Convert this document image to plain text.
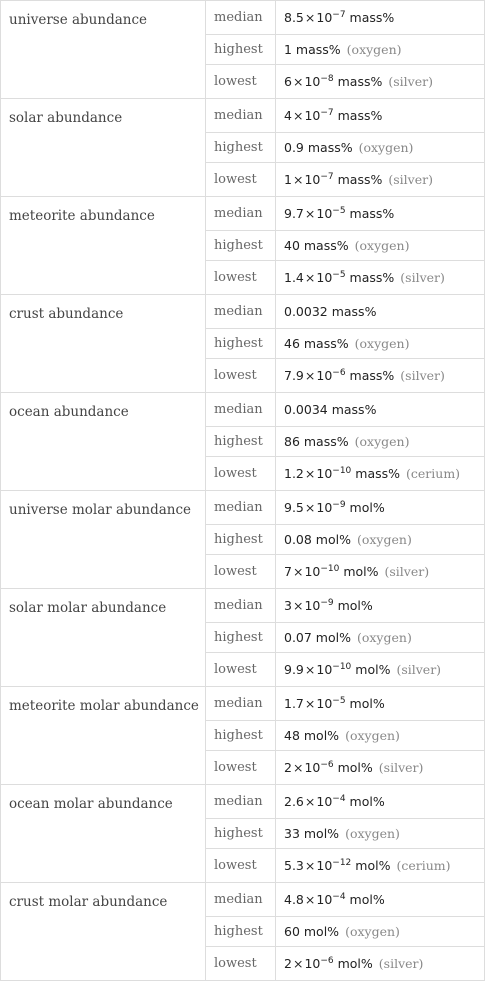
universe abundance	median	$8.5\times 10^{-7}$ mass%
	highest	1 mass% (oxygen)
	lowest	$6\times 10^{-8}$ mass% (silver)
solar abundance	median	$4\times 10^{-7}$ mass%
	highest	0.9 mass% (oxygen)
	lowest	$1\times 10^{-7}$ mass% (silver)
meteorite abundance	median	$9.7\times 10^{-5}$ mass%
	highest	40 mass% (oxygen)
	lowest	$1.4\times 10^{-5}$ mass% (silver)
crust abundance	median	0.0032 mass%
	highest	46 mass% (oxygen)
	lowest	$7.9\times 10^{-6}$ mass% (silver)
ocean abundance	median	0.0034 mass%
	highest	86 mass% (oxygen)
	lowest	$1.2\times 10^{-10}$ mass% (cerium)
universe molar abundance	median	$9.5\times 10^{-9}$ mol%
	highest	0.08 mol% (oxygen)
	lowest	$7\times 10^{-10}$ mol% (silver)
solar molar abundance	median	$3\times 10^{-9}$ mol%
	highest	0.07 mol% (oxygen)
	lowest	$9.9\times 10^{-10}$ mol% (silver)
meteorite molar abundance	median	$1.7\times 10^{-5}$ mol%
	highest	48 mol% (oxygen)
	lowest	$2\times 10^{-6}$ mol% (silver)
ocean molar abundance	median	$2.6\times 10^{-4}$ mol%
	highest	33 mol% (oxygen)
	lowest	$5.3\times 10^{-12}$ mol% (cerium)
crust molar abundance	median	$4.8\times 10^{-4}$ mol%
	highest	60 mol% (oxygen)
	lowest	$2\times 10^{-6}$ mol% (silver)
